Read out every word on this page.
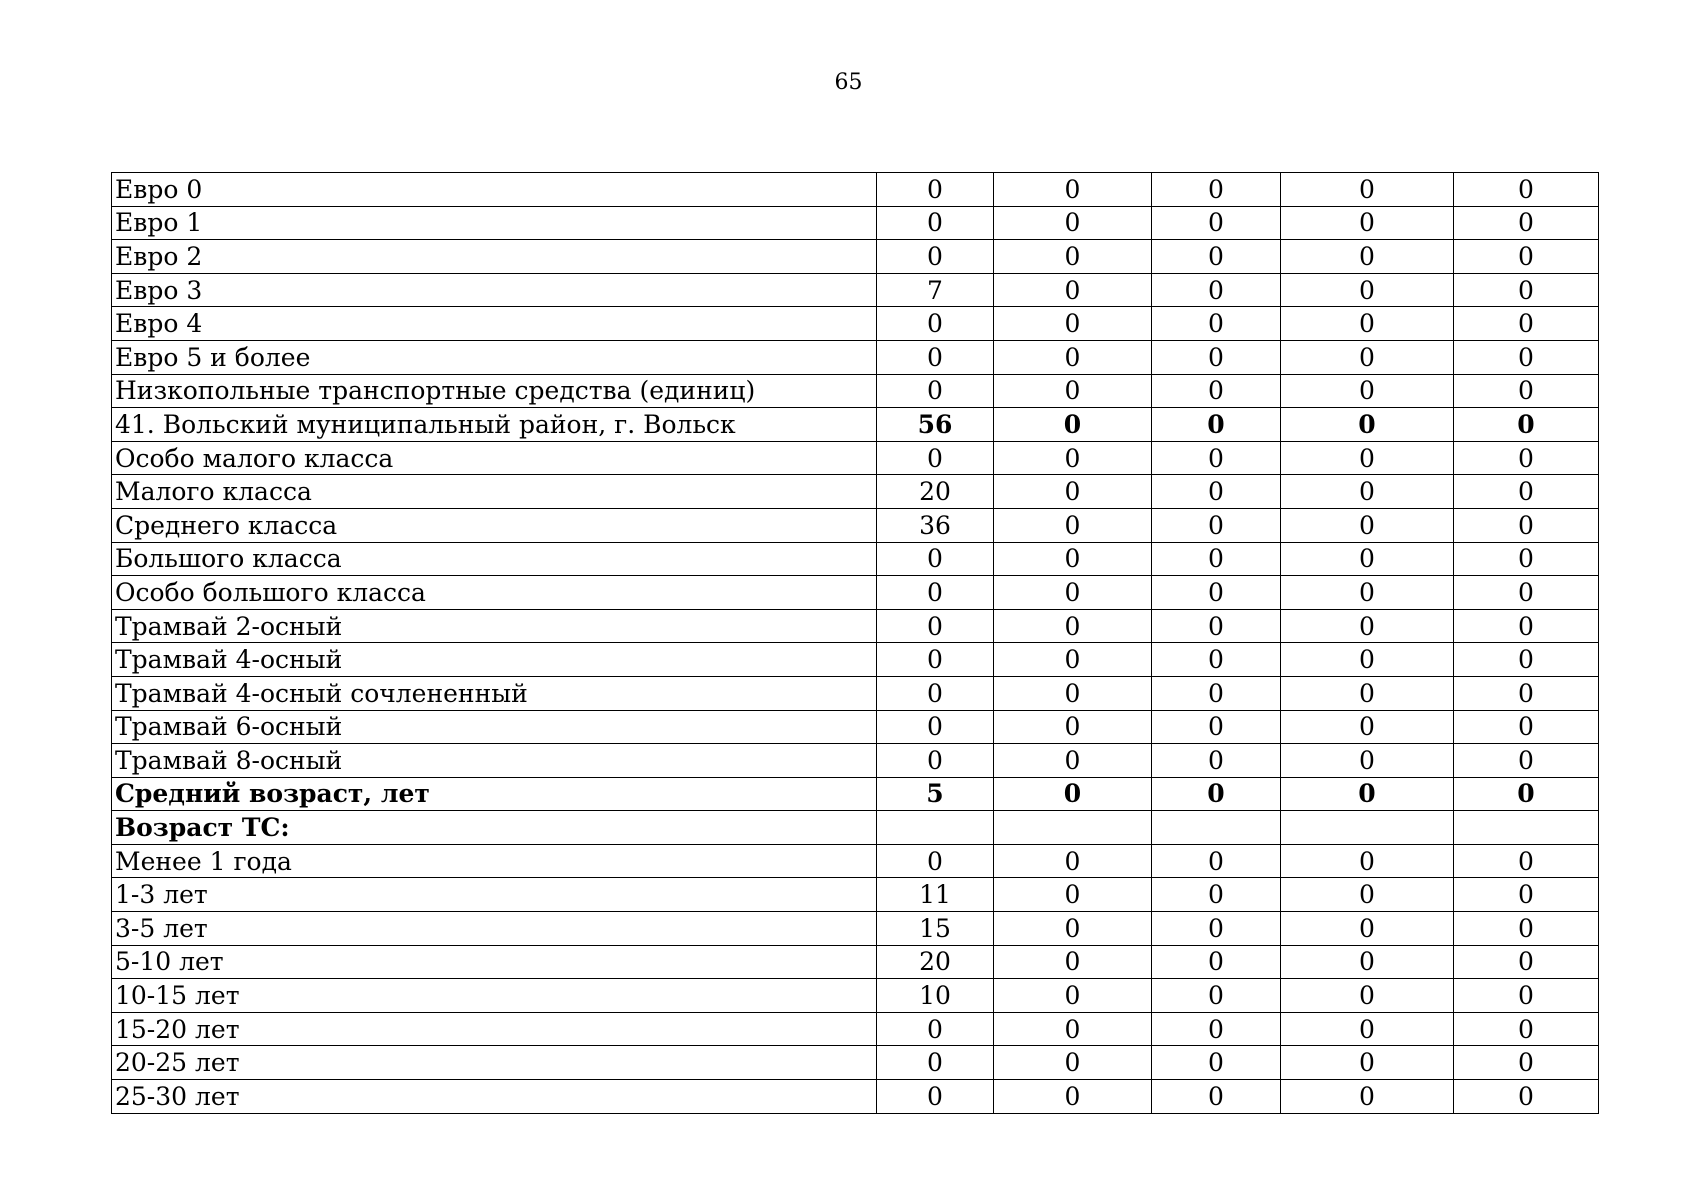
65
Евро 0	0	0	0	0	0
Евро 1	0	0	0	0	0
Евро 2	0	0	0	0	0
Евро 3	7	0	0	0	0
Евро 4	0	0	0	0	0
Евро 5 и более	0	0	0	0	0
Низкопольные транспортные средства (единиц)	0	0	0	0	0
41. Вольский муниципальный район, г. Вольск	56	0	0	0	0
Особо малого класса	0	0	0	0	0
Малого класса	20	0	0	0	0
Среднего класса	36	0	0	0	0
Большого класса	0	0	0	0	0
Особо большого класса	0	0	0	0	0
Трамвай 2-осный	0	0	0	0	0
Трамвай 4-осный	0	0	0	0	0
Трамвай 4-осный сочлененный	0	0	0	0	0
Трамвай 6-осный	0	0	0	0	0
Трамвай 8-осный	0	0	0	0	0
Средний возраст, лет	5	0	0	0	0
Возраст ТС:					
Менее 1 года	0	0	0	0	0
1-3 лет	11	0	0	0	0
3-5 лет	15	0	0	0	0
5-10 лет	20	0	0	0	0
10-15 лет	10	0	0	0	0
15-20 лет	0	0	0	0	0
20-25 лет	0	0	0	0	0
25-30 лет	0	0	0	0	0
